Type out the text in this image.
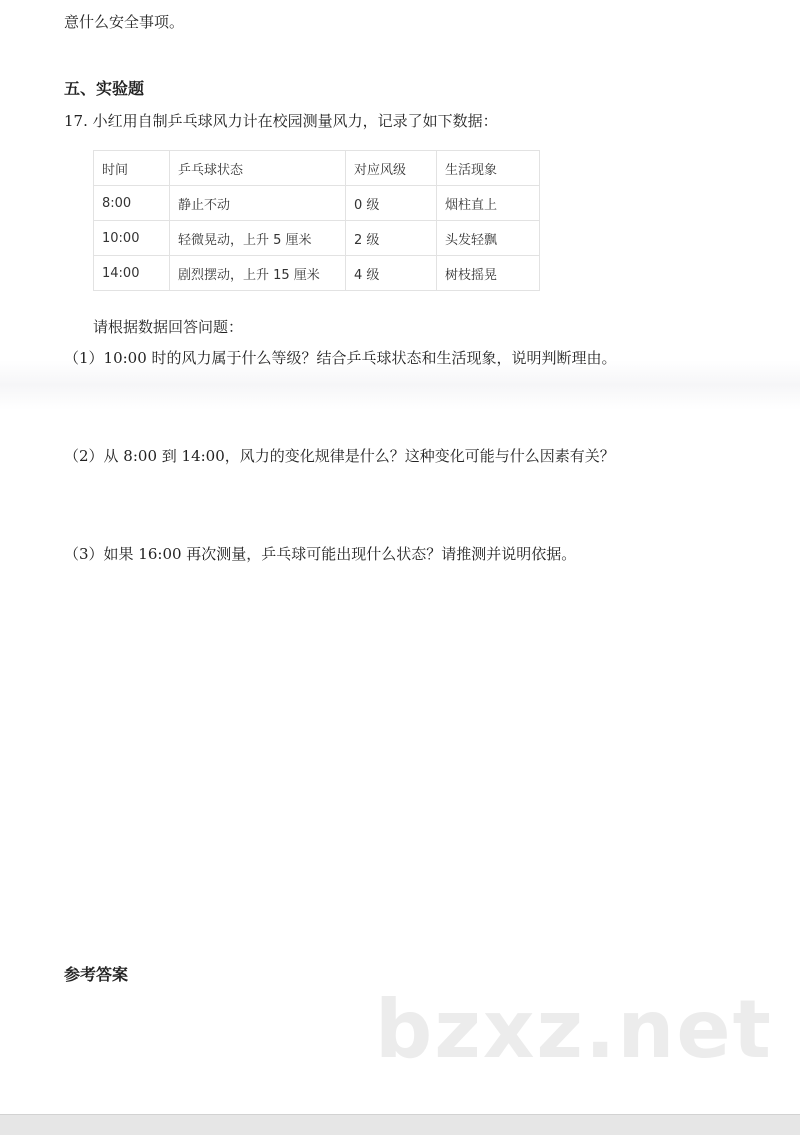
意什么安全事项。
五、实验题
17. 小红用自制乒乓球风力计在校园测量风力，记录了如下数据：
时间	乒乓球状态	对应风级	生活现象
8:00	静止不动	0 级	烟柱直上
10:00	轻微晃动，上升 5 厘米	2 级	头发轻飘
14:00	剧烈摆动，上升 15 厘米	4 级	树枝摇晃
请根据数据回答问题：
（1）10:00 时的风力属于什么等级？结合乒乓球状态和生活现象，说明判断理由。
（2）从 8:00 到 14:00，风力的变化规律是什么？这种变化可能与什么因素有关？
（3）如果 16:00 再次测量，乒乓球可能出现什么状态？请推测并说明依据。
参考答案
bzxz.net
